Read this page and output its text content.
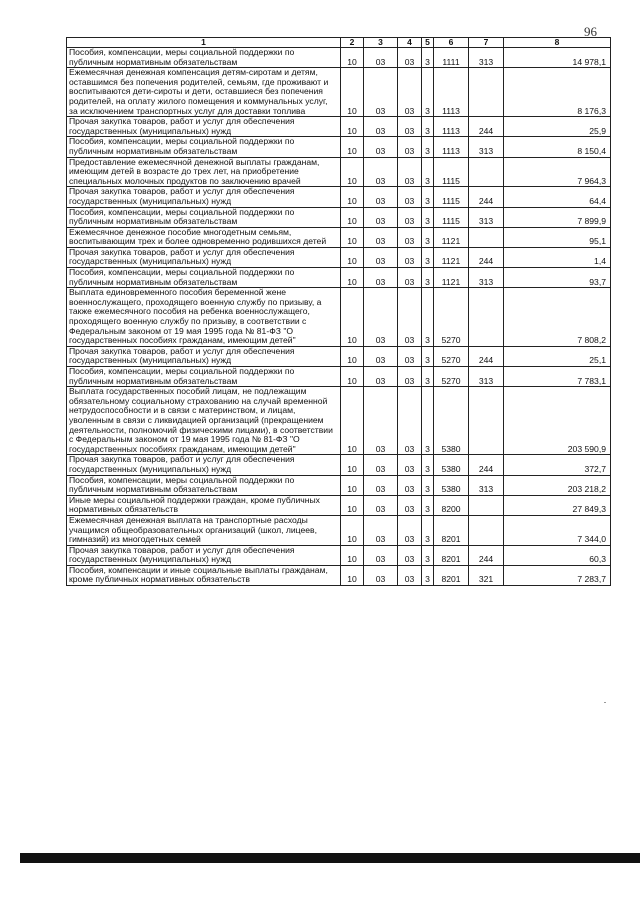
96
1	2	3	4	5	6	7	8
Пособия, компенсации, меры социальной поддержки по публичным нормативным обязательствам	10	03	03	3	1111	313	14 978,1
Ежемесячная денежная компенсация детям-сиротам и детям, оставшимся без попечения родителей, семьям, где проживают и воспитываются дети-сироты и дети, оставшиеся без попечения родителей, на оплату жилого помещения и коммунальных услуг, за исключением транспортных услуг для доставки топлива	10	03	03	3	1113		8 176,3
Прочая закупка товаров, работ и услуг для обеспечения государственных (муниципальных) нужд	10	03	03	3	1113	244	25,9
Пособия, компенсации, меры социальной поддержки по публичным нормативным обязательствам	10	03	03	3	1113	313	8 150,4
Предоставление ежемесячной денежной выплаты гражданам, имеющим детей в возрасте до трех лет, на приобретение специальных молочных продуктов по заключению врачей	10	03	03	3	1115		7 964,3
Прочая закупка товаров, работ и услуг для обеспечения государственных (муниципальных) нужд	10	03	03	3	1115	244	64,4
Пособия, компенсации, меры социальной поддержки по публичным нормативным обязательствам	10	03	03	3	1115	313	7 899,9
Ежемесячное денежное пособие многодетным семьям, воспитывающим трех и более одновременно родившихся детей	10	03	03	3	1121		95,1
Прочая закупка товаров, работ и услуг для обеспечения государственных (муниципальных) нужд	10	03	03	3	1121	244	1,4
Пособия, компенсации, меры социальной поддержки по публичным нормативным обязательствам	10	03	03	3	1121	313	93,7
Выплата единовременного пособия беременной жене военнослужащего, проходящего военную службу по призыву, а также ежемесячного пособия на ребенка военнослужащего, проходящего военную службу по призыву, в соответствии с Федеральным законом от 19 мая 1995 года № 81-ФЗ "О государственных пособиях гражданам, имеющим детей"	10	03	03	3	5270		7 808,2
Прочая закупка товаров, работ и услуг для обеспечения государственных (муниципальных) нужд	10	03	03	3	5270	244	25,1
Пособия, компенсации, меры социальной поддержки по публичным нормативным обязательствам	10	03	03	3	5270	313	7 783,1
Выплата государственных пособий лицам, не подлежащим обязательному социальному страхованию на случай временной нетрудоспособности и в связи с материнством, и лицам, уволенным в связи с ликвидацией организаций (прекращением деятельности, полномочий физическими лицами), в соответствии с Федеральным законом от 19 мая 1995 года № 81-ФЗ "О государственных пособиях гражданам, имеющим детей"	10	03	03	3	5380		203 590,9
Прочая закупка товаров, работ и услуг для обеспечения государственных (муниципальных) нужд	10	03	03	3	5380	244	372,7
Пособия, компенсации, меры социальной поддержки по публичным нормативным обязательствам	10	03	03	3	5380	313	203 218,2
Иные меры социальной поддержки граждан, кроме публичных нормативных обязательств	10	03	03	3	8200		27 849,3
Ежемесячная денежная выплата на транспортные расходы учащимся общеобразовательных организаций (школ, лицеев, гимназий) из многодетных семей	10	03	03	3	8201		7 344,0
Прочая закупка товаров, работ и услуг для обеспечения государственных (муниципальных) нужд	10	03	03	3	8201	244	60,3
Пособия, компенсации и иные социальные выплаты гражданам, кроме публичных нормативных обязательств	10	03	03	3	8201	321	7 283,7
